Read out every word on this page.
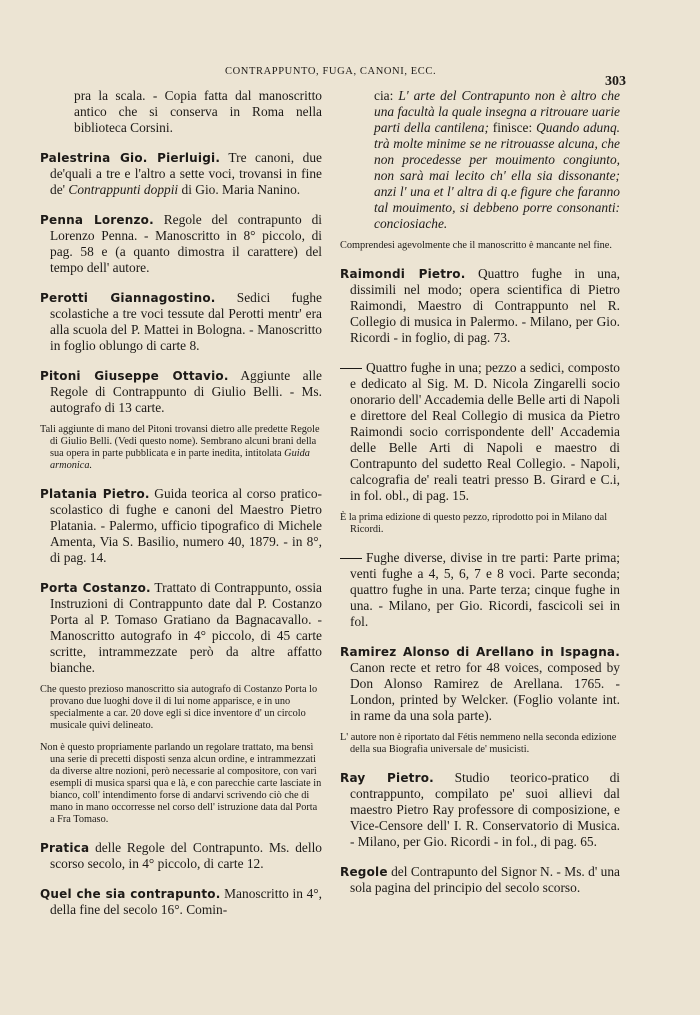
CONTRAPPUNTO, FUGA, CANONI, ECC.
303

pra la scala. - Copia fatta dal manoscritto antico che si conserva in Roma nella biblioteca Corsini.

Palestrina Gio. Pierluigi. Tre canoni, due de'quali a tre e l'altro a sette voci, trovansi in fine de' Contrappunti doppii di Gio. Maria Nanino.

Penna Lorenzo. Regole del contrapunto di Lorenzo Penna. - Manoscritto in 8° piccolo, di pag. 58 e (a quanto dimostra il carattere) del tempo dell' autore.

Perotti Giannagostino. Sedici fughe scolastiche a tre voci tessute dal Perotti mentr' era alla scuola del P. Mattei in Bologna. - Manoscritto in foglio oblungo di carte 8.

Pitoni Giuseppe Ottavio. Aggiunte alle Regole di Contrappunto di Giulio Belli. - Ms. autografo di 13 carte.

Tali aggiunte di mano del Pitoni trovansi dietro alle predette Regole di Giulio Belli. (Vedi questo nome). Sembrano alcuni brani della sua opera in parte pubblicata e in parte inedita, intitolata Guida armonica.

Platania Pietro. Guida teorica al corso pratico-scolastico di fughe e canoni del Maestro Pietro Platania. - Palermo, ufficio tipografico di Michele Amenta, Via S. Basilio, numero 40, 1879. - in 8°, di pag. 14.

Porta Costanzo. Trattato di Contrappunto, ossia Instruzioni di Contrappunto date dal P. Costanzo Porta al P. Tomaso Gratiano da Bagnacavallo. - Manoscritto autografo in 4° piccolo, di 45 carte scritte, intrammezzate però da altre affatto bianche.

Che questo prezioso manoscritto sia autografo di Costanzo Porta lo provano due luoghi dove il di lui nome apparisce, e in uno specialmente a car. 20 dove egli si dice inventore d' un circolo musicale quivi delineato.

Non è questo propriamente parlando un regolare trattato, ma bensì una serie di precetti disposti senza alcun ordine, e intrammezzati da diverse altre nozioni, però necessarie al compositore, con vari esempli di musica sparsi qua e là, e con parecchie carte lasciate in bianco, coll' intendimento forse di andarvi scrivendo ciò che di mano in mano occorresse nel corso dell' istruzione data dal Porta a Fra Tomaso.

Pratica delle Regole del Contrapunto. Ms. dello scorso secolo, in 4° piccolo, di carte 12.

Quel che sia contrapunto. Manoscritto in 4°, della fine del secolo 16°. Comin-

cia: L' arte del Contrapunto non è altro che una facultà la quale insegna a ritrouare uarie parti della cantilena; finisce: Quando adunq. trà molte minime se ne ritrouasse alcuna, che non procedesse per mouimento congiunto, non sarà mai lecito ch' ella sia dissonante; anzi l' una et l' altra di q.e figure che faranno tal mouimento, si debbeno porre consonanti: conciosiache.

Comprendesi agevolmente che il manoscritto è mancante nel fine.

Raimondi Pietro. Quattro fughe in una, dissimili nel modo; opera scientifica di Pietro Raimondi, Maestro di Contrappunto nel R. Collegio di musica in Palermo. - Milano, per Gio. Ricordi - in foglio, di pag. 73.

Quattro fughe in una; pezzo a sedici, composto e dedicato al Sig. M. D. Nicola Zingarelli socio onorario dell' Accademia delle Belle arti di Napoli e direttore del Real Collegio di musica da Pietro Raimondi socio corrispondente dell' Accademia delle Belle Arti di Napoli e maestro di Contrapunto del sudetto Real Collegio. - Napoli, calcografia de' reali teatri presso B. Girard e C.i, in fol. obl., di pag. 15.

È la prima edizione di questo pezzo, riprodotto poi in Milano dal Ricordi.

Fughe diverse, divise in tre parti: Parte prima; venti fughe a 4, 5, 6, 7 e 8 voci. Parte seconda; quattro fughe in una. Parte terza; cinque fughe in una. - Milano, per Gio. Ricordi, fascicoli sei in fol.

Ramirez Alonso di Arellano in Ispagna. Canon recte et retro for 48 voices, composed by Don Alonso Ramirez de Arellana. 1765. - London, printed by Welcker. (Foglio volante int. in rame da una sola parte).

L' autore non è riportato dal Fétis nemmeno nella seconda edizione della sua Biografia universale de' musicisti.

Ray Pietro. Studio teorico-pratico di contrappunto, compilato pe' suoi allievi dal maestro Pietro Ray professore di composizione, e Vice-Censore dell' I. R. Conservatorio di Musica. - Milano, per Gio. Ricordi - in fol., di pag. 65.

Regole del Contrapunto del Signor N. - Ms. d' una sola pagina del principio del secolo scorso.
